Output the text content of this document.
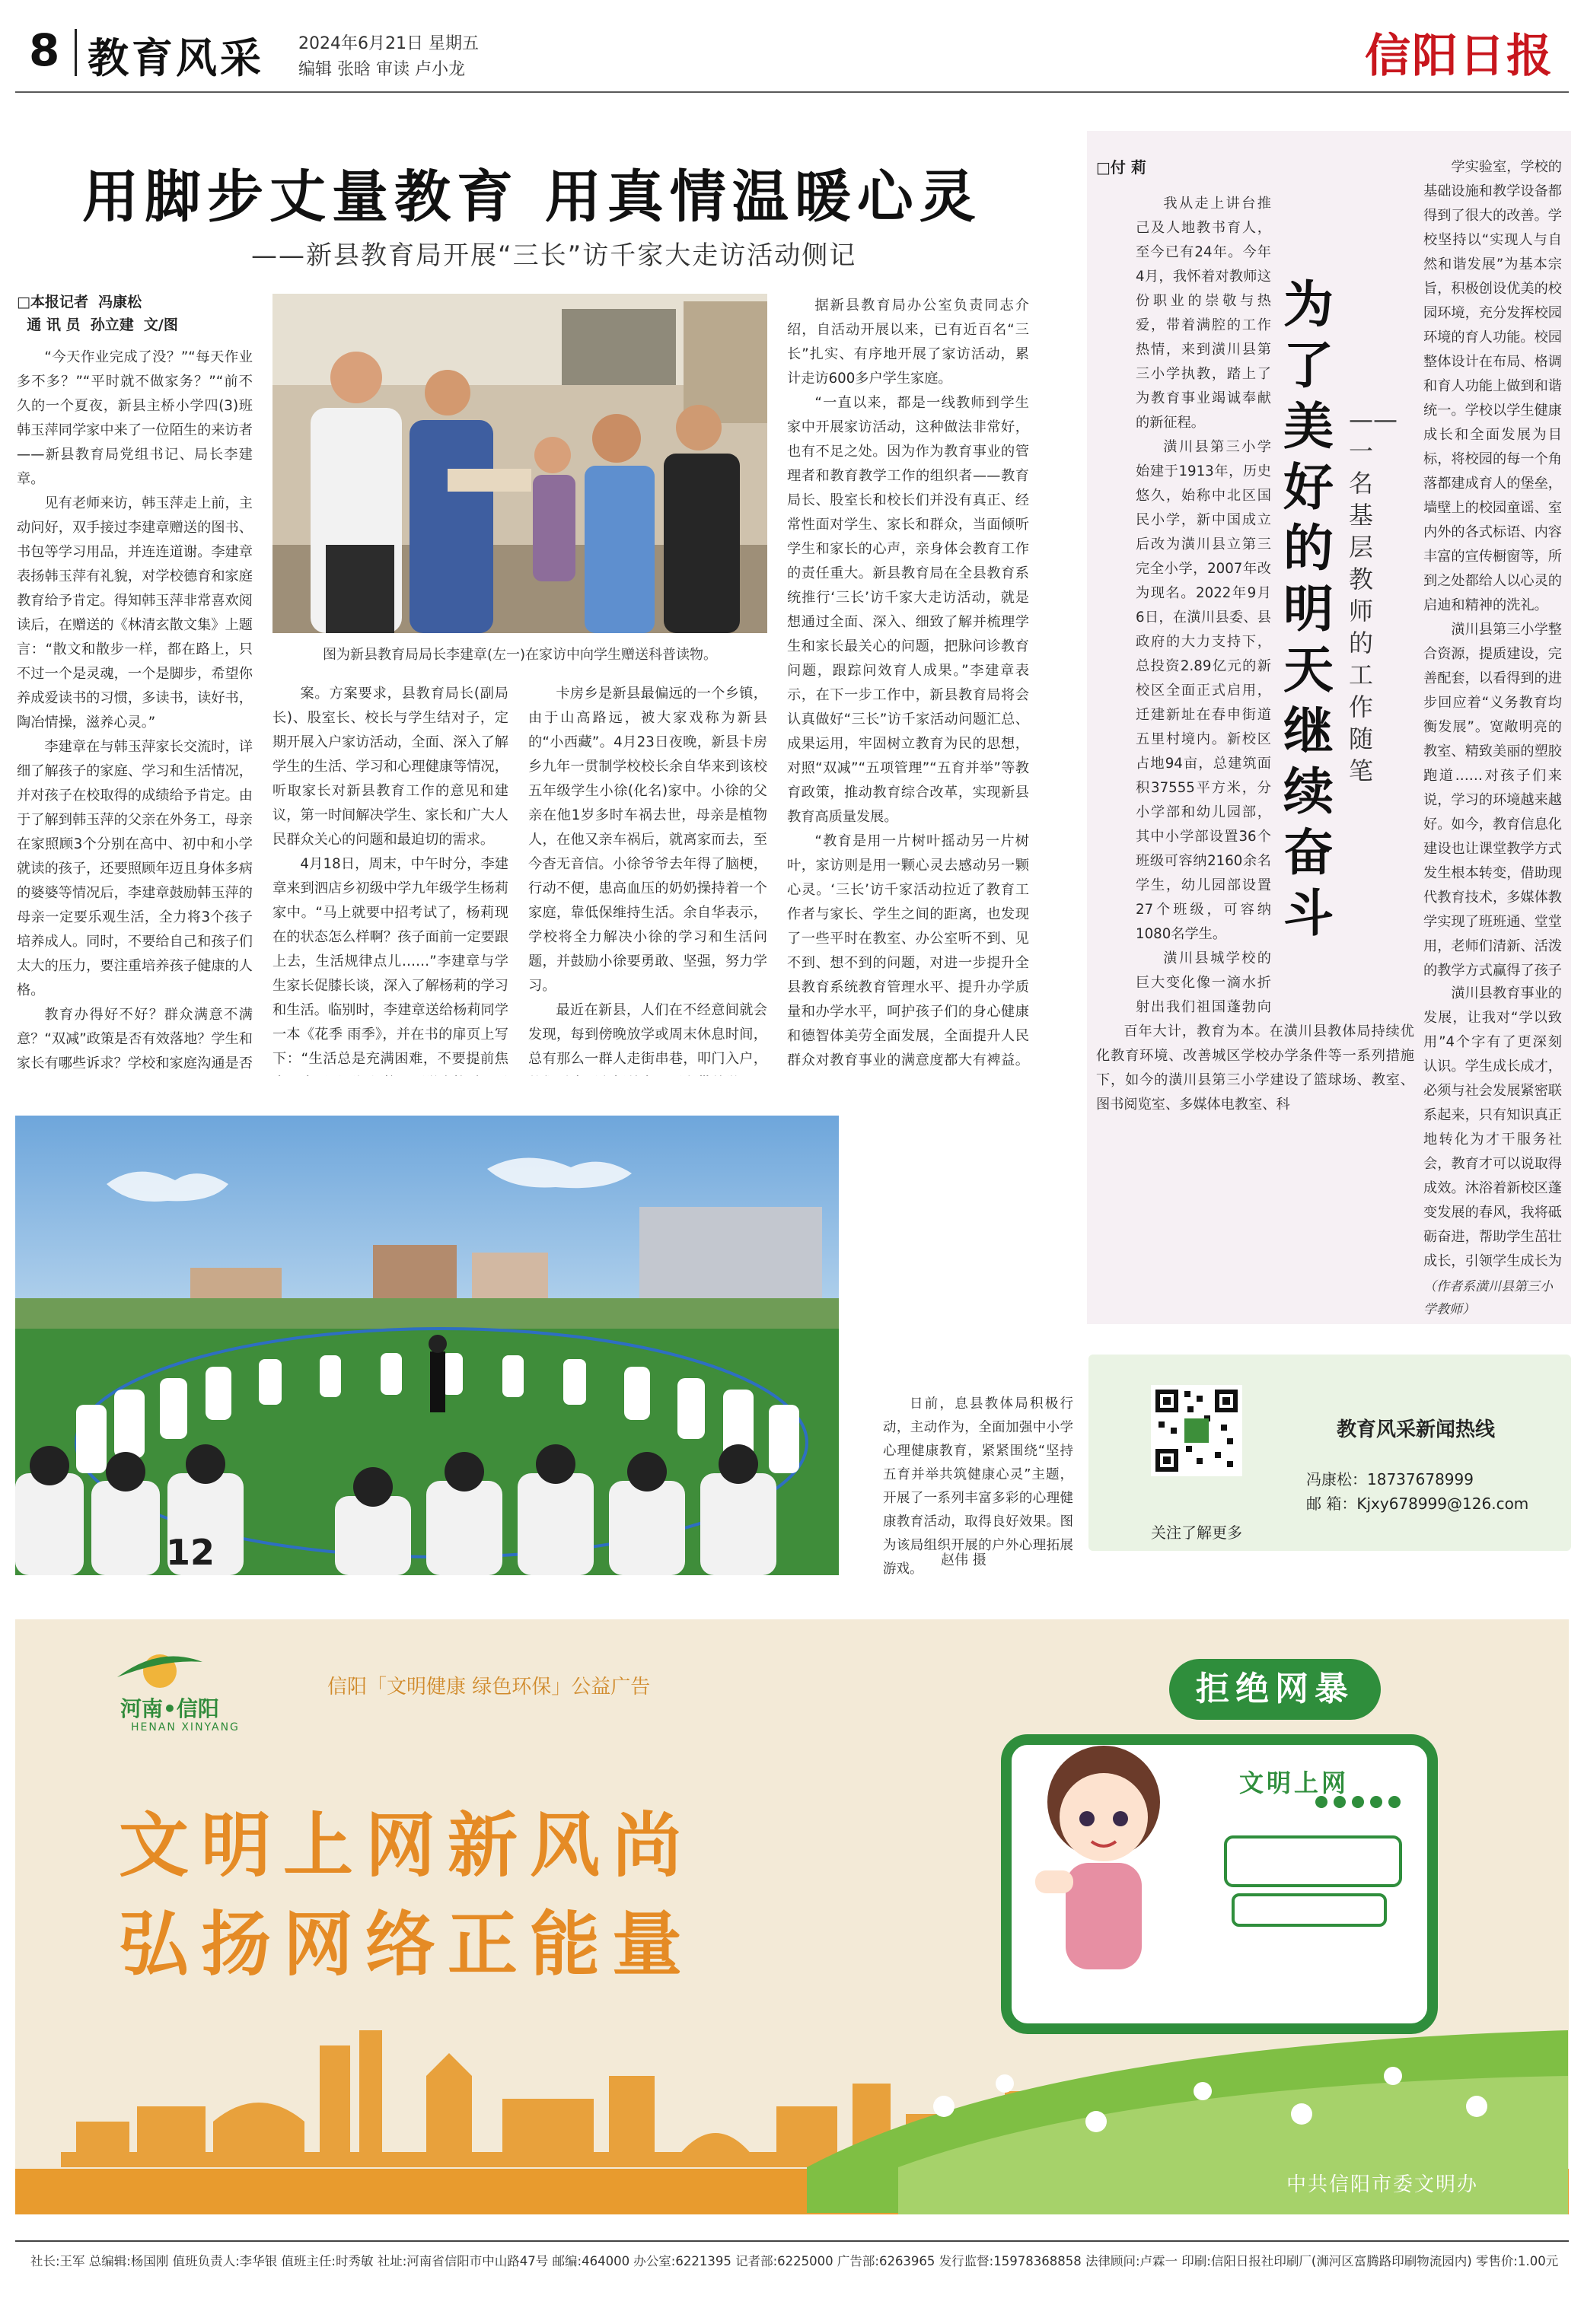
8 教育风采 2024年6月21日 星期五
编辑 张晗 审读 卢小龙	信阳日报
用脚步丈量教育 用真情温暖心灵
——新县教育局开展“三长”访千家大走访活动侧记
□本报记者  冯康松
通 讯 员  孙立建  文/图

“今天作业完成了没？”“每天作业多不多？”“平时就不做家务？”“前不久的一个夏夜，新县主桥小学四(3)班韩玉萍同学家中来了一位陌生的来访者——新县教育局党组书记、局长李建章。

见有老师来访，韩玉萍走上前，主动问好，双手接过李建章赠送的图书、书包等学习用品，并连连道谢。李建章表扬韩玉萍有礼貌，对学校德育和家庭教育给予肯定。得知韩玉萍非常喜欢阅读后，在赠送的《林清玄散文集》上题言：“散文和散步一样，都在路上，只不过一个是灵魂，一个是脚步，希望你养成爱读书的习惯，多读书，读好书，陶冶情操，滋养心灵。”

李建章在与韩玉萍家长交流时，详细了解孩子的家庭、学习和生活情况，并对孩子在校取得的成绩给予肯定。由于了解到韩玉萍的父亲在外务工，母亲在家照顾3个分别在高中、初中和小学就读的孩子，还要照顾年迈且身体多病的婆婆等情况后，李建章鼓励韩玉萍的母亲一定要乐观生活，全力将3个孩子培养成人。同时，不要给自己和孩子们太大的压力，要注重培养孩子健康的人格。

教育办得好不好？群众满意不满意？“双减”政策是否有效落地？学生和家长有哪些诉求？学校和家庭沟通是否

图为新县教育局局长李建章(左一)在家访中向学生赠送科普读物。

案。方案要求，县教育局长(副局长)、股室长、校长与学生结对子，定期开展入户家访活动，全面、深入了解学生的生活、学习和心理健康等情况，听取家长对新县教育工作的意见和建议，第一时间解决学生、家长和广大人民群众关心的问题和最迫切的需求。

4月18日，周末，中午时分，李建章来到泗店乡初级中学九年级学生杨莉家中。“马上就要中招考试了，杨莉现在的状态怎么样啊？孩子面前一定要跟上去，生活规律点儿……”李建章与学生家长促膝长谈，深入了解杨莉的学习和生活。临别时，李建章送给杨莉同学一本《花季 雨季》，并在书的扉页上写下：“生活总是充满困难，不要提前焦

卡房乡是新县最偏远的一个乡镇，由于山高路远，被大家戏称为新县的“小西藏”。4月23日夜晚，新县卡房乡九年一贯制学校校长余自华来到该校五年级学生小徐(化名)家中。小徐的父亲在他1岁多时车祸去世，母亲是植物人，在他又亲车祸后，就离家而去，至今杳无音信。小徐爷爷去年得了脑梗，行动不便，患高血压的奶奶操持着一个家庭，靠低保维持生活。余自华表示，学校将全力解决小徐的学习和生活问题，并鼓励小徐要勇敢、坚强，努力学习。

最近在新县，人们在不经意间就会发现，每到傍晚放学或周末休息时间，总有那么一群人走街串巷，叩门入户，

据新县教育局办公室负责同志介绍，自活动开展以来，已有近百名“三长”扎实、有序地开展了家访活动，累计走访600多户学生家庭。

“一直以来，都是一线教师到学生家中开展家访活动，这种做法非常好，也有不足之处。因为作为教育事业的管理者和教育教学工作的组织者——教育局长、股室长和校长们并没有真正、经常性面对学生、家长和群众，当面倾听学生和家长的心声，亲身体会教育工作的责任重大。新县教育局在全县教育系统推行‘三长’访千家大走访活动，就是想通过全面、深入、细致了解并梳理学生和家长最关心的问题，把脉问诊教育问题，跟踪问效育人成果。”李建章表示，在下一步工作中，新县教育局将会认真做好“三长”访千家活动问题汇总、成果运用，牢固树立教育为民的思想，对照“双减”“五项管理”“五育并举”等教育政策，推动教育综合改革，实现新县教育高质量发展。

“教育是用一片树叶摇动另一片树叶，家访则是用一颗心灵去感动另一颗心灵。‘三长’访千家活动拉近了教育工作者与家长、学生之间的距离，也发现了一些平时在教室、办公室听不到、见不到、想不到的问题，对进一步提升全县教育系统教育管理水平、提升办学质量和办学水平，呵护孩子们的身心健康和德智体美劳全面发展，全面提升人民群众对教育事业的满意度都大有裨益。

12
日前，息县教体局积极行动，主动作为，全面加强中小学心理健康教育，紧紧围绕“坚持五育并举共筑健康心灵”主题，开展了一系列丰富多彩的心理健康教育活动，取得良好效果。图为该局组织开展的户外心理拓展游戏。
赵伟 摄
□付 莉

我从走上讲台推己及人地教书育人，至今已有24年。今年4月，我怀着对教师这份职业的崇敬与热爱，带着满腔的工作热情，来到潢川县第三小学执教，踏上了为教育事业竭诚奉献的新征程。

潢川县第三小学始建于1913年，历史悠久，始称中北区国民小学，新中国成立后改为潢川县立第三完全小学，2007年改为现名。2022年9月6日，在潢川县委、县政府的大力支持下，总投资2.89亿元的新校区全面正式启用，迁建新址在春申街道五里村境内。新校区占地94亩，总建筑面积37555平方米，分小学部和幼儿园部，其中小学部设置36个班级可容纳2160余名学生，幼儿园部设置27个班级，可容纳1080名学生。

潢川县城学校的巨大变化像一滴水折射出我们祖国蓬勃向

百年大计，教育为本。在潢川县教体局持续优化教育环境、改善城区学校办学条件等一系列措施下，如今的潢川县第三小学建设了篮球场、教室、图书阅览室、多媒体电教室、科

为了美好的明天继续奋斗
——一名基层教师的工作随笔

学实验室，学校的基础设施和教学设备都得到了很大的改善。学校坚持以“实现人与自然和谐发展”为基本宗旨，积极创设优美的校园环境，充分发挥校园环境的育人功能。校园整体设计在布局、格调和育人功能上做到和谐统一。学校以学生健康成长和全面发展为目标，将校园的每一个角落都建成育人的堡垒，墙壁上的校园童谣、室内外的各式标语、内容丰富的宣传橱窗等，所到之处都给人以心灵的启迪和精神的洗礼。

潢川县第三小学整合资源，提质建设，完善配套，以看得到的进步回应着“义务教育均衡发展”。宽敞明亮的教室、精致美丽的塑胶跑道……对孩子们来说，学习的环境越来越好。如今，教育信息化建设也让课堂教学方式发生根本转变，借助现代教育技术，多媒体教学实现了班班通、堂堂用，老师们清新、活泼的教学方式赢得了孩子

潢川县教育事业的发展，让我对“学以致用”4个字有了更深刻认识。学生成长成才，必须与社会发展紧密联系起来，只有知识真正地转化为才干服务社会，教育才可以说取得成效。沐浴着新校区蓬变发展的春风，我将砥砺奋进，帮助学生茁壮成长，引领学生成长为

（作者系潢川县第三小学教师）
教育风采新闻热线
冯康松：18737678999
邮 箱：Kjxy678999@126.com
关注了解更多
河南•信阳
HENAN XINYANG
信阳「文明健康 绿色环保」公益广告	拒绝网暴
文明上网
文明上网新风尚
弘扬网络正能量
中共信阳市委文明办
社长:王军 总编辑:杨国刚 值班负责人:李华银 值班主任:时秀敏 社址:河南省信阳市中山路47号 邮编:464000 办公室:6221395 记者部:6225000 广告部:6263965 发行监督:15978368858 法律顾问:卢霖一 印刷:信阳日报社印刷厂(浉河区富腾路印刷物流园内) 零售价:1.00元
